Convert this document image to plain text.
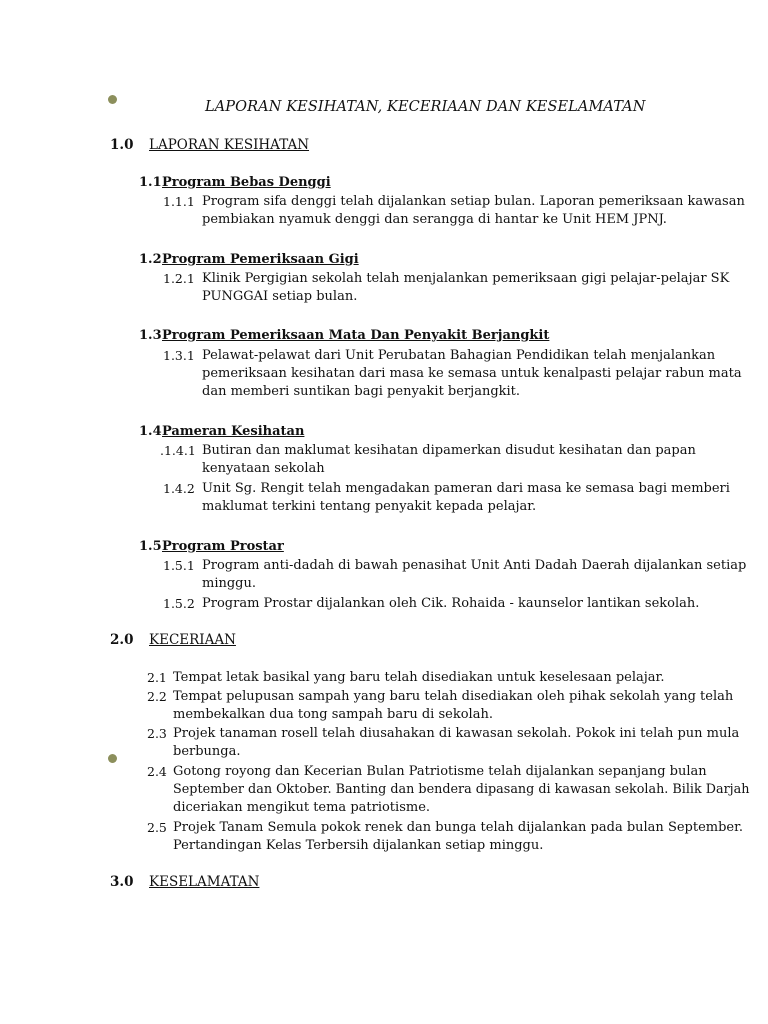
LAPORAN KESIHATAN, KECERIAAN DAN KESELAMATAN
1.0 LAPORAN KESIHATAN
1.1 Program Bebas Denggi
1.1.1 Program sifa denggi telah dijalankan setiap bulan. Laporan pemeriksaan kawasan
pembiakan nyamuk denggi dan serangga di hantar ke Unit HEM JPNJ.
1.2 Program Pemeriksaan Gigi
1.2.1 Klinik Pergigian sekolah telah menjalankan pemeriksaan gigi pelajar-pelajar SK
PUNGGAI setiap bulan.
1.3 Program Pemeriksaan Mata Dan Penyakit Berjangkit
1.3.1 Pelawat-pelawat dari Unit Perubatan Bahagian Pendidikan telah menjalankan
pemeriksaan kesihatan dari masa ke semasa untuk kenalpasti pelajar rabun mata
dan memberi suntikan bagi penyakit berjangkit.
1.4 Pameran Kesihatan
.1.4.1 Butiran dan maklumat kesihatan dipamerkan disudut kesihatan dan papan
kenyataan sekolah
1.4.2 Unit Sg. Rengit telah mengadakan pameran dari masa ke semasa bagi memberi
maklumat terkini tentang penyakit kepada pelajar.
1.5 Program Prostar
1.5.1 Program anti-dadah di bawah penasihat Unit Anti Dadah Daerah dijalankan setiap
minggu.
1.5.2 Program Prostar dijalankan oleh Cik. Rohaida - kaunselor lantikan sekolah.
2.0 KECERIAAN
2.1 Tempat letak basikal yang baru telah disediakan untuk keselesaan pelajar.
2.2 Tempat pelupusan sampah yang baru telah disediakan oleh pihak sekolah yang telah
membekalkan dua tong sampah baru di sekolah.
2.3 Projek tanaman rosell telah diusahakan di kawasan sekolah. Pokok ini telah pun mula
berbunga.
2.4 Gotong royong dan Kecerian Bulan Patriotisme telah dijalankan sepanjang bulan
September dan Oktober. Banting dan bendera dipasang di kawasan sekolah. Bilik Darjah
diceriakan mengikut tema patriotisme.
2.5 Projek Tanam Semula pokok renek dan bunga telah dijalankan pada bulan September.
Pertandingan Kelas Terbersih dijalankan setiap minggu.
3.0 KESELAMATAN
